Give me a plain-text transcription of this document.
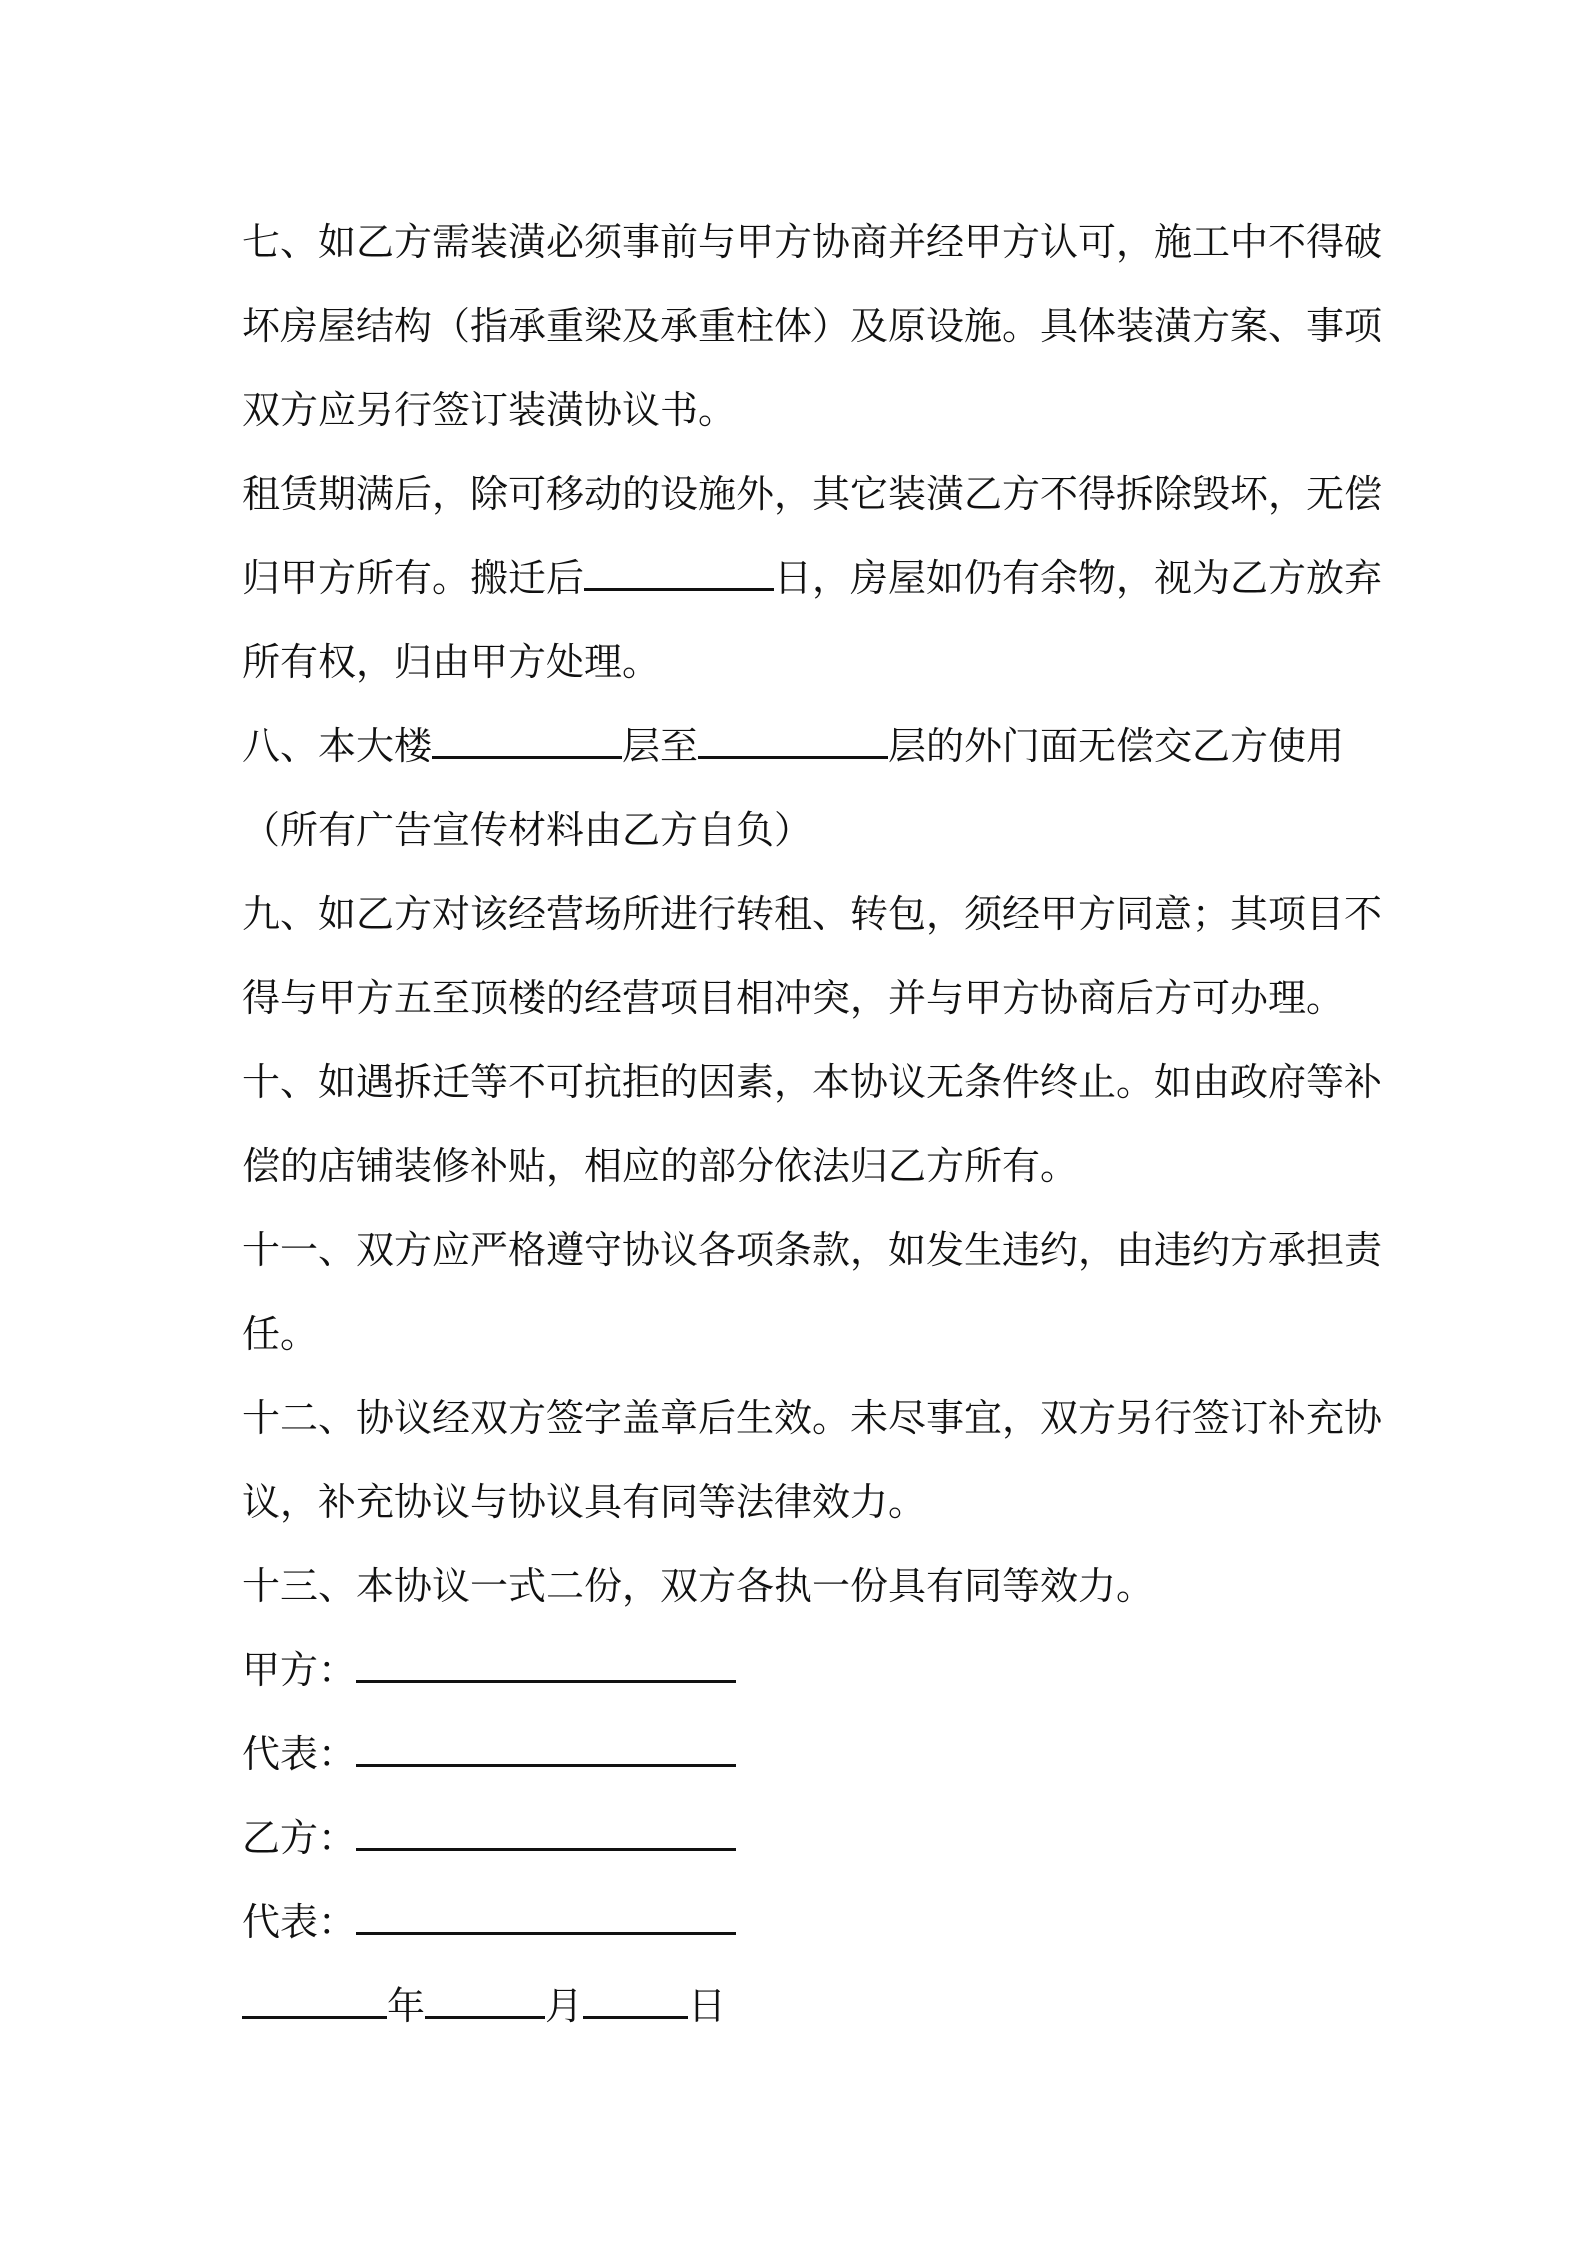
七、如乙方需装潢必须事前与甲方协商并经甲方认可，施工中不得破
坏房屋结构（指承重梁及承重柱体）及原设施。具体装潢方案、事项
双方应另行签订装潢协议书。
租赁期满后，除可移动的设施外，其它装潢乙方不得拆除毁坏，无偿
归甲方所有。搬迁后	日，房屋如仍有余物，视为乙方放弃
所有权，归由甲方处理。
八、本大楼	层至	层的外门面无偿交乙方使用
（所有广告宣传材料由乙方自负）
九、如乙方对该经营场所进行转租、转包，须经甲方同意；其项目不
得与甲方五至顶楼的经营项目相冲突，并与甲方协商后方可办理。
十、如遇拆迁等不可抗拒的因素，本协议无条件终止。如由政府等补
偿的店铺装修补贴，相应的部分依法归乙方所有。
十一、双方应严格遵守协议各项条款，如发生违约，由违约方承担责
任。
十二、协议经双方签字盖章后生效。未尽事宜，双方另行签订补充协
议，补充协议与协议具有同等法律效力。
十三、本协议一式二份，双方各执一份具有同等效力。
甲方：
代表：
乙方：
代表：
年	月	日
